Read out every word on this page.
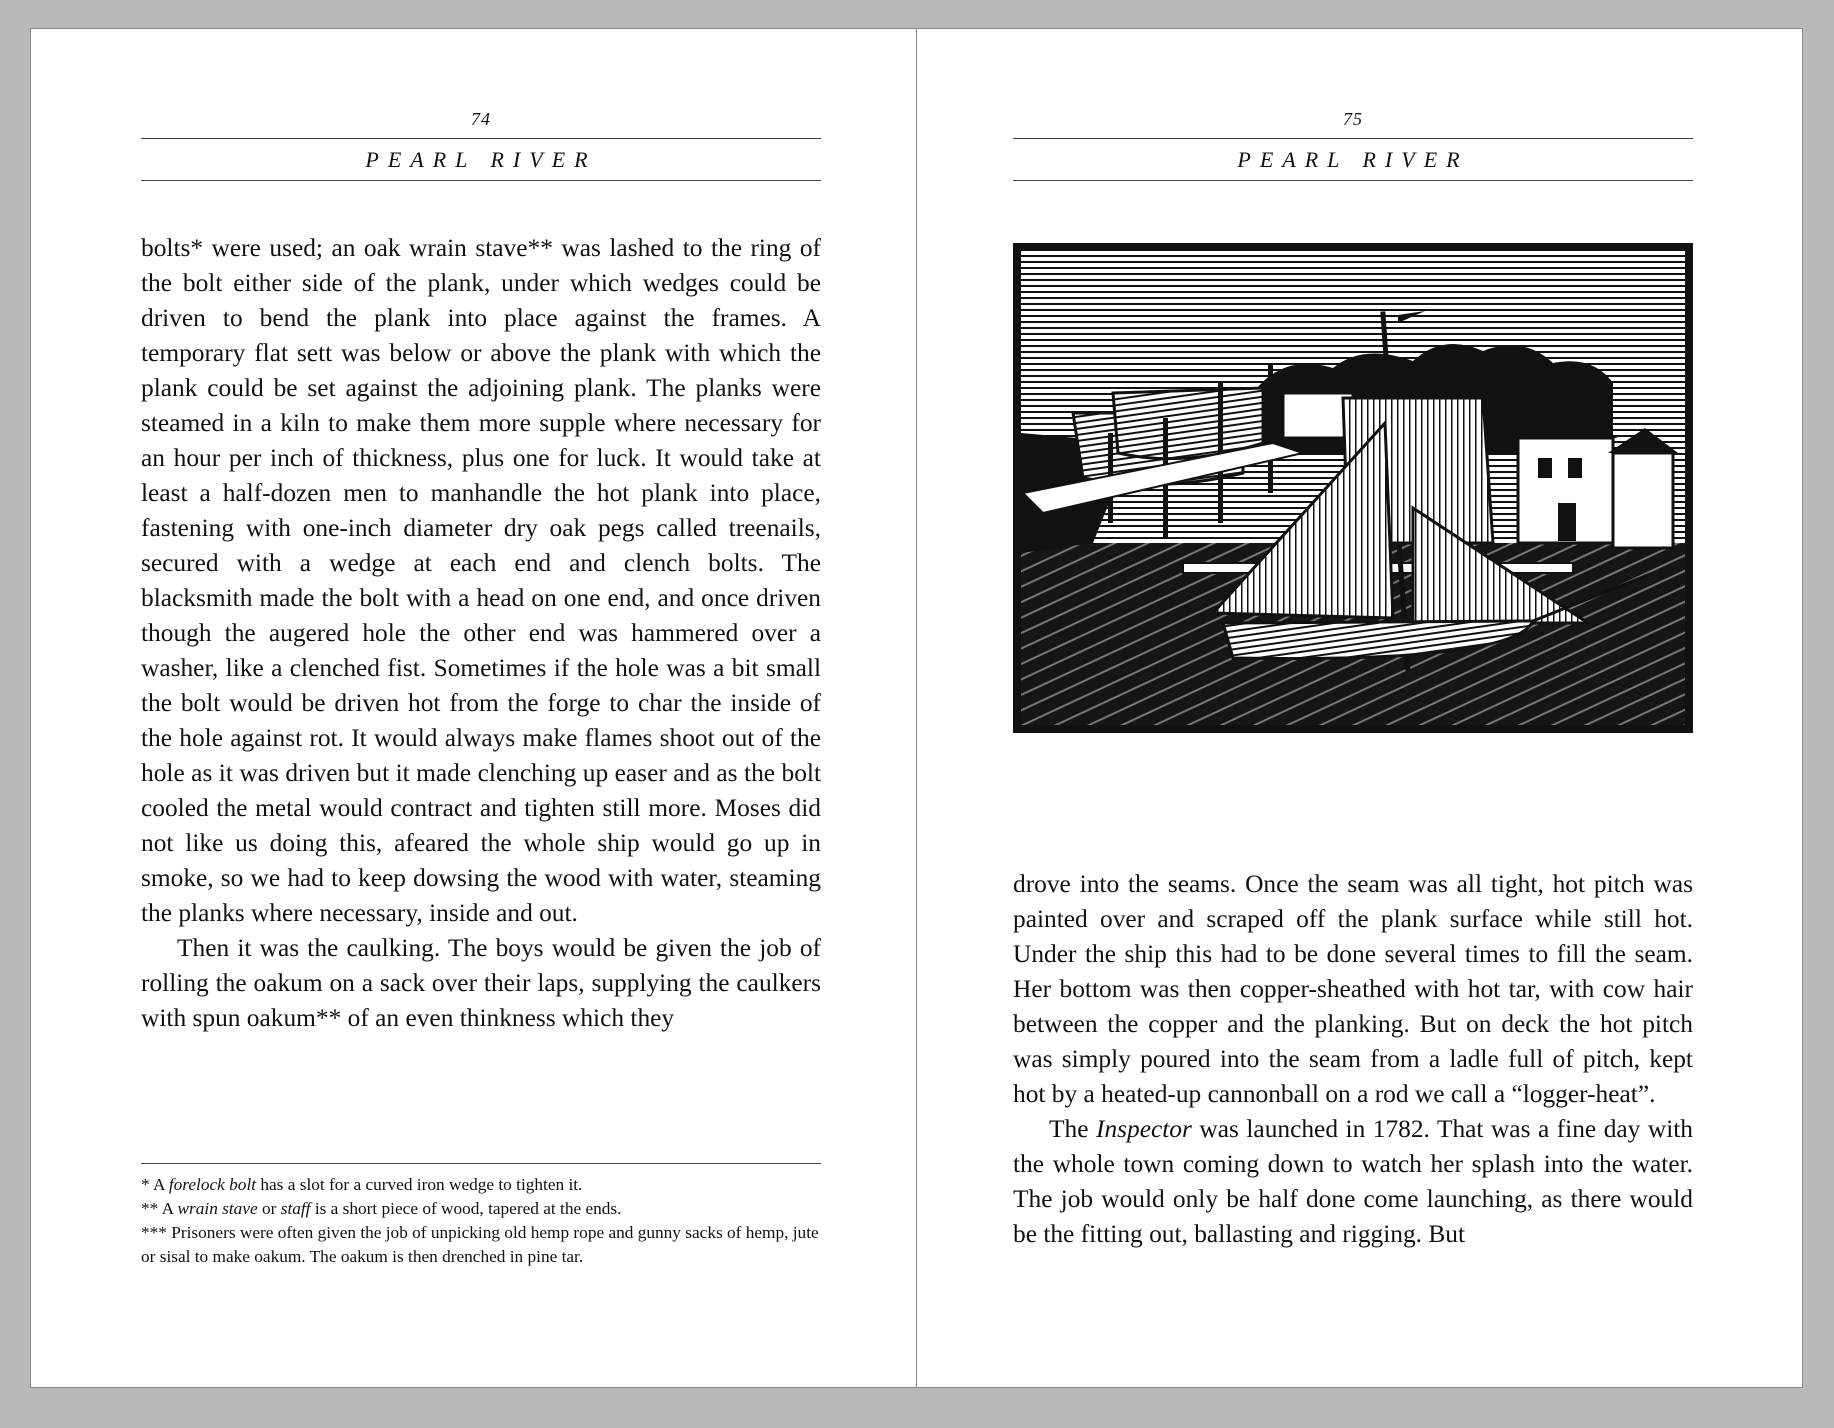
74
PEARL RIVER

bolts* were used; an oak wrain stave** was lashed to the ring of the bolt either side of the plank, under which wedges could be driven to bend the plank into place against the frames. A temporary flat sett was below or above the plank with which the plank could be set against the adjoining plank. The planks were steamed in a kiln to make them more supple where necessary for an hour per inch of thickness, plus one for luck. It would take at least a half-dozen men to manhandle the hot plank into place, fastening with one-inch diameter dry oak pegs called treenails, secured with a wedge at each end and clench bolts. The blacksmith made the bolt with a head on one end, and once driven though the augered hole the other end was hammered over a washer, like a clenched fist. Sometimes if the hole was a bit small the bolt would be driven hot from the forge to char the inside of the hole against rot. It would always make flames shoot out of the hole as it was driven but it made clenching up easer and as the bolt cooled the metal would contract and tighten still more. Moses did not like us doing this, afeared the whole ship would go up in smoke, so we had to keep dowsing the wood with water, steaming the planks where necessary, inside and out.

Then it was the caulking. The boys would be given the job of rolling the oakum on a sack over their laps, supplying the caulkers with spun oakum** of an even thinkness which they

* A forelock bolt has a slot for a curved iron wedge to tighten it.
** A wrain stave or staff is a short piece of wood, tapered at the ends.
*** Prisoners were often given the job of unpicking old hemp rope and gunny sacks of hemp, jute or sisal to make oakum. The oakum is then drenched in pine tar.
75
PEARL RIVER

drove into the seams. Once the seam was all tight, hot pitch was painted over and scraped off the plank surface while still hot. Under the ship this had to be done several times to fill the seam. Her bottom was then copper-sheathed with hot tar, with cow hair between the copper and the planking. But on deck the hot pitch was simply poured into the seam from a ladle full of pitch, kept hot by a heated-up cannonball on a rod we call a “logger-heat”.

The Inspector was launched in 1782. That was a fine day with the whole town coming down to watch her splash into the water. The job would only be half done come launching, as there would be the fitting out, ballasting and rigging. But
